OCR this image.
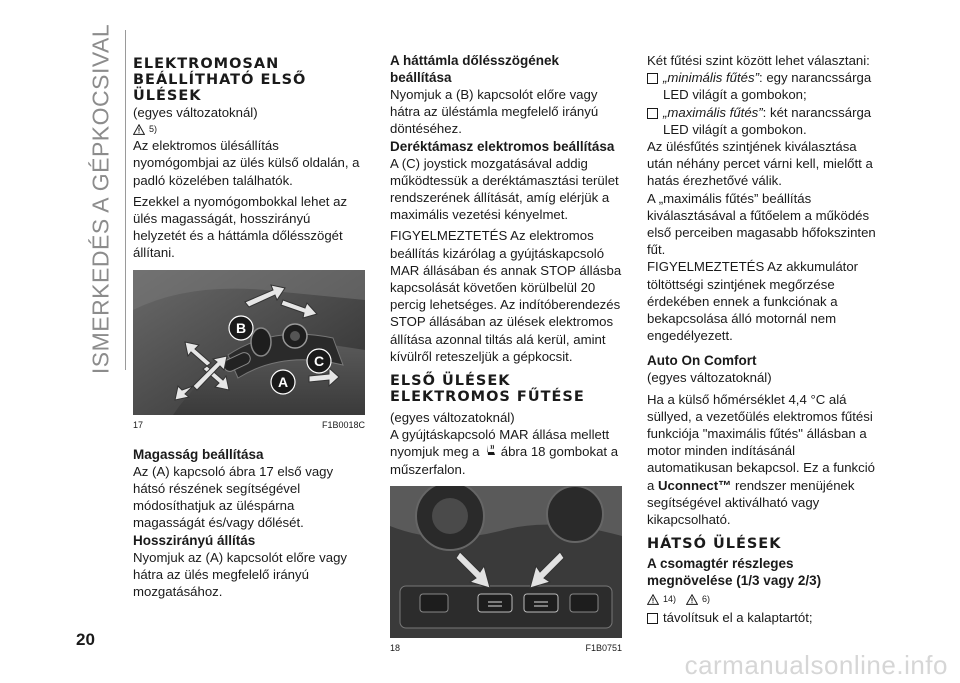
ISMERKEDÉS A GÉPKOCSIVAL ELEKTROMOSAN
BEÁLLÍTHATÓ ELSŐ
ÜLÉSEK

(egyes változatoknál)

5)

Az elektromos ülésállítás nyomógombjai az ülés külső oldalán, a padló közelében találhatók.

Ezekkel a nyomógombokkal lehet az ülés magasságát, hosszirányú helyzetét és a háttámla dőlésszögét állítani.

B
A
C
17	F1B0018C

Magasság beállítása

Az (A) kapcsoló ábra 17 első vagy hátsó részének segítségével módosíthatjuk az üléspárna magasságát és/vagy dőlését.

Hosszirányú állítás

Nyomjuk az (A) kapcsolót előre vagy hátra az ülés megfelelő irányú mozgatásához.

A háttámla dőlésszögének beállítása

Nyomjuk a (B) kapcsolót előre vagy hátra az üléstámla megfelelő irányú döntéséhez.

Deréktámasz elektromos beállítása

A (C) joystick mozgatásával addig működtessük a deréktámasztási terület rendszerének állítását, amíg elérjük a maximális vezetési kényelmet.

FIGYELMEZTETÉS Az elektromos beállítás kizárólag a gyújtáskapcsoló MAR állásában és annak STOP állásba kapcsolását követően körülbelül 20 percig lehetséges. Az indítóberendezés STOP állásában az ülések elektromos állítása azonnal tiltás alá kerül, amint kívülről reteszeljük a gépkocsit.

ELSŐ ÜLÉSEK
ELEKTROMOS FŰTÉSE

(egyes változatoknál)

A gyújtáskapcsoló MAR állása mellett nyomjuk meg a ábra 18 gombokat a műszerfalon.

18	F1B0751

Két fűtési szint között lehet választani:

„minimális fűtés”: egy narancssárga LED világít a gombokon;
„maximális fűtés”: két narancssárga LED világít a gombokon.

Az ülésfűtés szintjének kiválasztása után néhány percet várni kell, mielőtt a hatás érezhetővé válik.

A „maximális fűtés” beállítás kiválasztásával a fűtőelem a működés első perceiben magasabb hőfokszinten fűt.

FIGYELMEZTETÉS Az akkumulátor töltöttségi szintjének megőrzése érdekében ennek a funkciónak a bekapcsolása álló motornál nem engedélyezett.

Auto On Comfort

(egyes változatoknál)

Ha a külső hőmérséklet 4,4 °C alá süllyed, a vezetőülés elektromos fűtési funkciója "maximális fűtés" állásban a motor minden indításánál automatikusan bekapcsol. Ez a funkció a Uconnect™ rendszer menüjének segítségével aktiválható vagy kikapcsolható.

HÁTSÓ ÜLÉSEK

A csomagtér részleges megnövelése (1/3 vagy 2/3)

14)	6)
távolítsuk el a kalaptartót;
20
carmanualsonline.info
